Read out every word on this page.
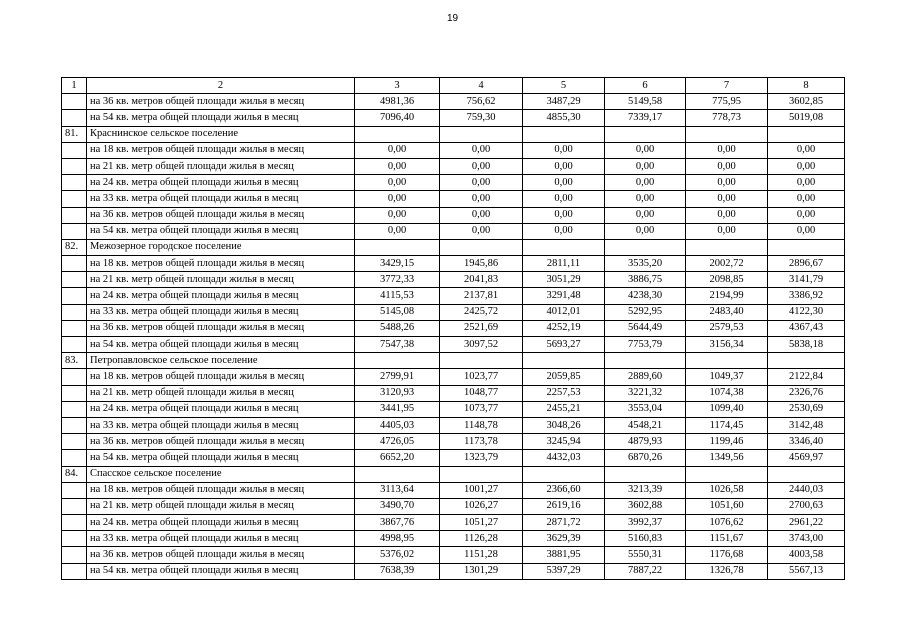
19
1	2	3	4	5	6	7	8
	на 36 кв. метров общей площади жилья в месяц	4981,36	756,62	3487,29	5149,58	775,95	3602,85
	на 54 кв. метра общей площади жилья в месяц	7096,40	759,30	4855,30	7339,17	778,73	5019,08
81.	Краснинское сельское поселение						
	на 18 кв. метров общей площади жилья в месяц	0,00	0,00	0,00	0,00	0,00	0,00
	на 21 кв. метр общей площади жилья в месяц	0,00	0,00	0,00	0,00	0,00	0,00
	на 24 кв. метра общей площади жилья в месяц	0,00	0,00	0,00	0,00	0,00	0,00
	на 33 кв. метра общей площади жилья в месяц	0,00	0,00	0,00	0,00	0,00	0,00
	на 36 кв. метров общей площади жилья в месяц	0,00	0,00	0,00	0,00	0,00	0,00
	на 54 кв. метра общей площади жилья в месяц	0,00	0,00	0,00	0,00	0,00	0,00
82.	Межозерное городское поселение						
	на 18 кв. метров общей площади жилья в месяц	3429,15	1945,86	2811,11	3535,20	2002,72	2896,67
	на 21 кв. метр общей площади жилья в месяц	3772,33	2041,83	3051,29	3886,75	2098,85	3141,79
	на 24 кв. метра общей площади жилья в месяц	4115,53	2137,81	3291,48	4238,30	2194,99	3386,92
	на 33 кв. метра общей площади жилья в месяц	5145,08	2425,72	4012,01	5292,95	2483,40	4122,30
	на 36 кв. метров общей площади жилья в месяц	5488,26	2521,69	4252,19	5644,49	2579,53	4367,43
	на 54 кв. метра общей площади жилья в месяц	7547,38	3097,52	5693,27	7753,79	3156,34	5838,18
83.	Петропавловское сельское поселение						
	на 18 кв. метров общей площади жилья в месяц	2799,91	1023,77	2059,85	2889,60	1049,37	2122,84
	на 21 кв. метр общей площади жилья в месяц	3120,93	1048,77	2257,53	3221,32	1074,38	2326,76
	на 24 кв. метра общей площади жилья в месяц	3441,95	1073,77	2455,21	3553,04	1099,40	2530,69
	на 33 кв. метра общей площади жилья в месяц	4405,03	1148,78	3048,26	4548,21	1174,45	3142,48
	на 36 кв. метров общей площади жилья в месяц	4726,05	1173,78	3245,94	4879,93	1199,46	3346,40
	на 54 кв. метра общей площади жилья в месяц	6652,20	1323,79	4432,03	6870,26	1349,56	4569,97
84.	Спасское сельское поселение						
	на 18 кв. метров общей площади жилья в месяц	3113,64	1001,27	2366,60	3213,39	1026,58	2440,03
	на 21 кв. метр общей площади жилья в месяц	3490,70	1026,27	2619,16	3602,88	1051,60	2700,63
	на 24 кв. метра общей площади жилья в месяц	3867,76	1051,27	2871,72	3992,37	1076,62	2961,22
	на 33 кв. метра общей площади жилья в месяц	4998,95	1126,28	3629,39	5160,83	1151,67	3743,00
	на 36 кв. метров общей площади жилья в месяц	5376,02	1151,28	3881,95	5550,31	1176,68	4003,58
	на 54 кв. метра общей площади жилья в месяц	7638,39	1301,29	5397,29	7887,22	1326,78	5567,13
